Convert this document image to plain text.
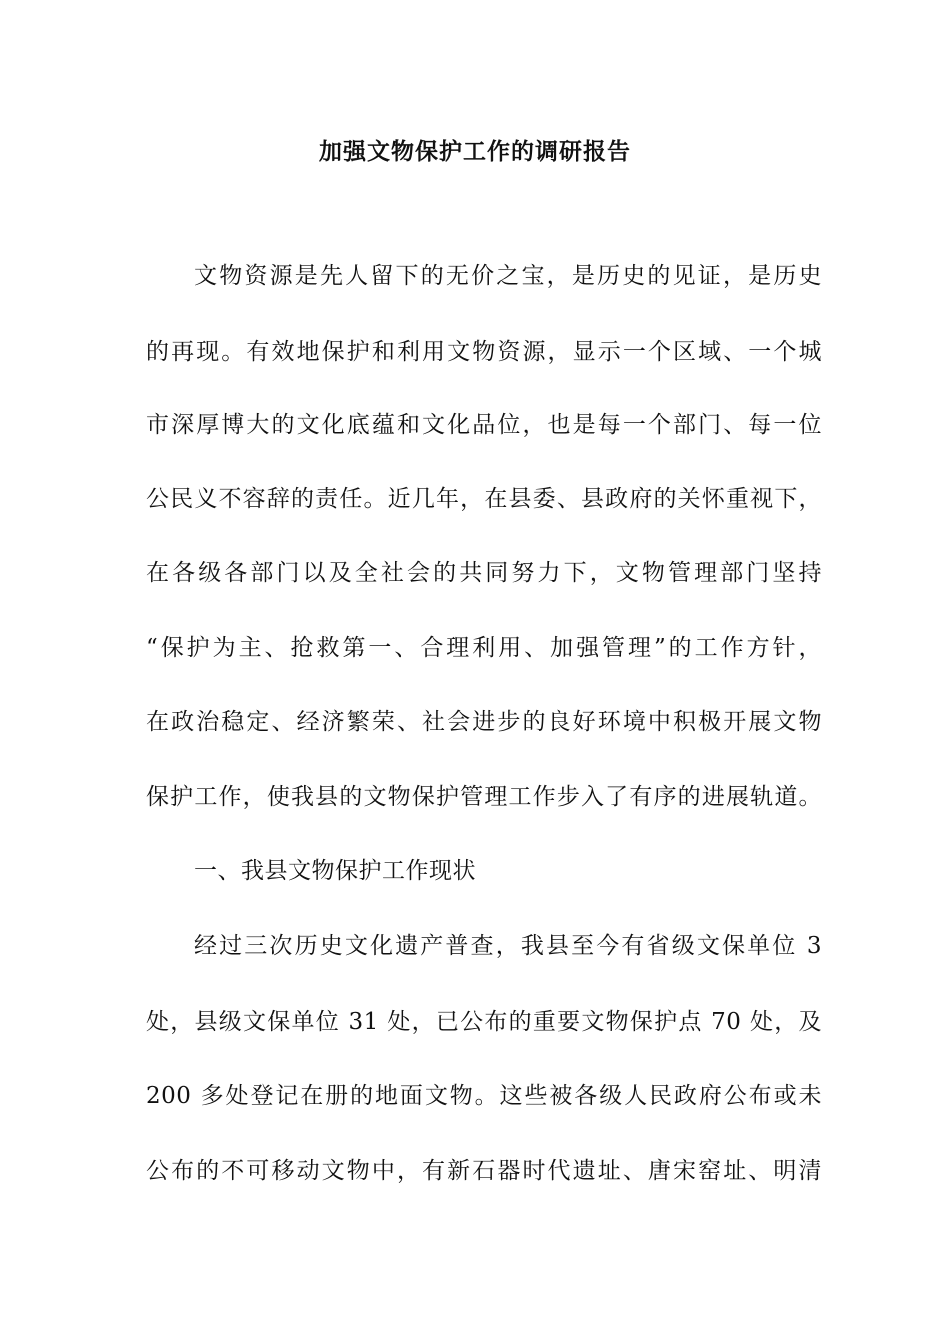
加强文物保护工作的调研报告
文物资源是先人留下的无价之宝，是历史的见证，是历史
的再现。有效地保护和利用文物资源，显示一个区域、一个城
市深厚博大的文化底蕴和文化品位，也是每一个部门、每一位
公民义不容辞的责任。近几年，在县委、县政府的关怀重视下，
在各级各部门以及全社会的共同努力下，文物管理部门坚持
“保护为主、抢救第一、合理利用、加强管理”的工作方针，
在政治稳定、经济繁荣、社会进步的良好环境中积极开展文物
保护工作，使我县的文物保护管理工作步入了有序的进展轨道。
一、我县文物保护工作现状
经过三次历史文化遗产普查，我县至今有省级文保单位 3
处，县级文保单位 31 处，已公布的重要文物保护点 70 处，及
200 多处登记在册的地面文物。这些被各级人民政府公布或未
公布的不可移动文物中，有新石器时代遗址、唐宋窑址、明清
